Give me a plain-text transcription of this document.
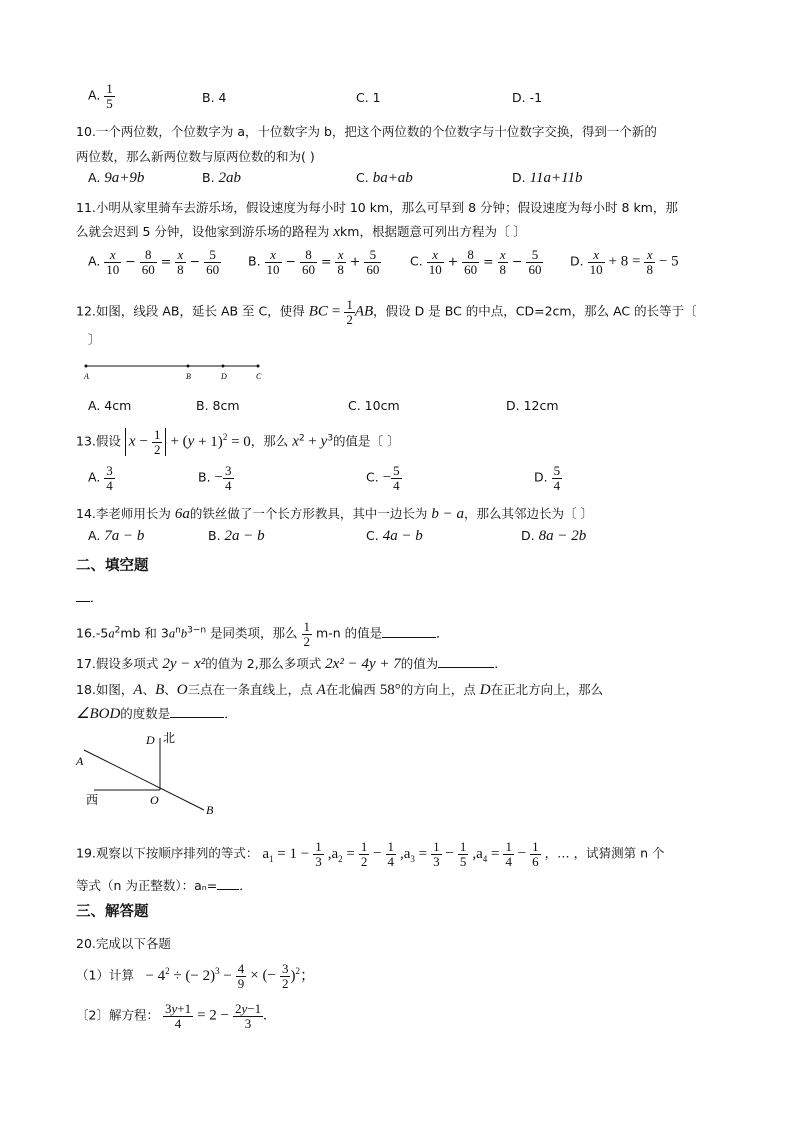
A. $\frac{1}{5}$	B. 4	C. 1	D. -1
10.一个两位数，个位数字为 a，十位数字为 b，把这个两位数的个位数字与十位数字交换，得到一个新的
两位数，那么新两位数与原两位数的和为( )
A. 9a+9b	B. 2ab	C. ba+ab	D. 11a+11b
11.小明从家里骑车去游乐场，假设速度为每小时 10 km，那么可早到 8 分钟；假设速度为每小时 8 km，那
么就会迟到 5 分钟，设他家到游乐场的路程为 xkm，根据题意可列出方程为〔 〕
A. $\frac{x}{10} - \frac{8}{60} = \frac{x}{8} - \frac{5}{60} B$. $\frac{x}{10} - \frac{8}{60} = \frac{x}{8} + \frac{5}{60} C$. $\frac{x}{10} + \frac{8}{60} = \frac{x}{8} - \frac{5}{60} D$. $\frac{x}{10} + 8 = \frac{x}{8} - 5$
12.如图，线段 AB，延长 AB 至 C，使得 BC = $\frac{1}{2}$ AB，假设 D 是 BC 的中点，CD=2cm，那么 AC 的长等于〔
〕
A	B	D	C
A. 4cm	B. 8cm	C. 10cm	D. 12cm
13.假设 $x - \frac{1}{2} + (y + 1)^2 = 0$，那么 $x^2 + y^3$的值是〔 〕
A. $\frac{3}{4}$	B. − $\frac{3}{4}$	C. − $\frac{5}{4}$	D. $\frac{5}{4}$
14.李老师用长为 6a的铁丝做了一个长方形教具，其中一边长为 b − a，那么其邻边长为〔 〕
A. 7a − b	B. 2a − b	C. 4a − b	D. 8a − 2b
二、填空题
．
$16.-5a^2mb$ 和 $3a^nb^{3-n}$ 是同类项，那么 $\frac{1}{2} m-n$ 的值是	．
17.假设多项式 2y − x²的值为 2,那么多项式 2x² − 4y + 7的值为	.
18.如图，A、B、O三点在一条直线上，点 A在北偏西 58°的方向上，点 D在正北方向上，那么
∠BOD的度数是	．
D 北
A
西	O
B
19.观察以下按顺序排列的等式： $a_1 = 1 - \frac{1}{3} ,a_2 = \frac{1}{2} - \frac{1}{4} ,a_3 = \frac{1}{3} - \frac{1}{5} ,a_4 = \frac{1}{4} - \frac{1}{6}$ ，… ，试猜测第 n 个
等式（n 为正整数）：aₙ= ．
三、解答题
20.完成以下各题
（1）计算   − $4^2$ ÷ (− $2)^3 - \frac{4}{9}$ × (− $\frac{3}{2} )^2$；
〔2〕解方程： $\frac{3y+1}{4} = 2 - \frac{2y-1}{3}$ .
